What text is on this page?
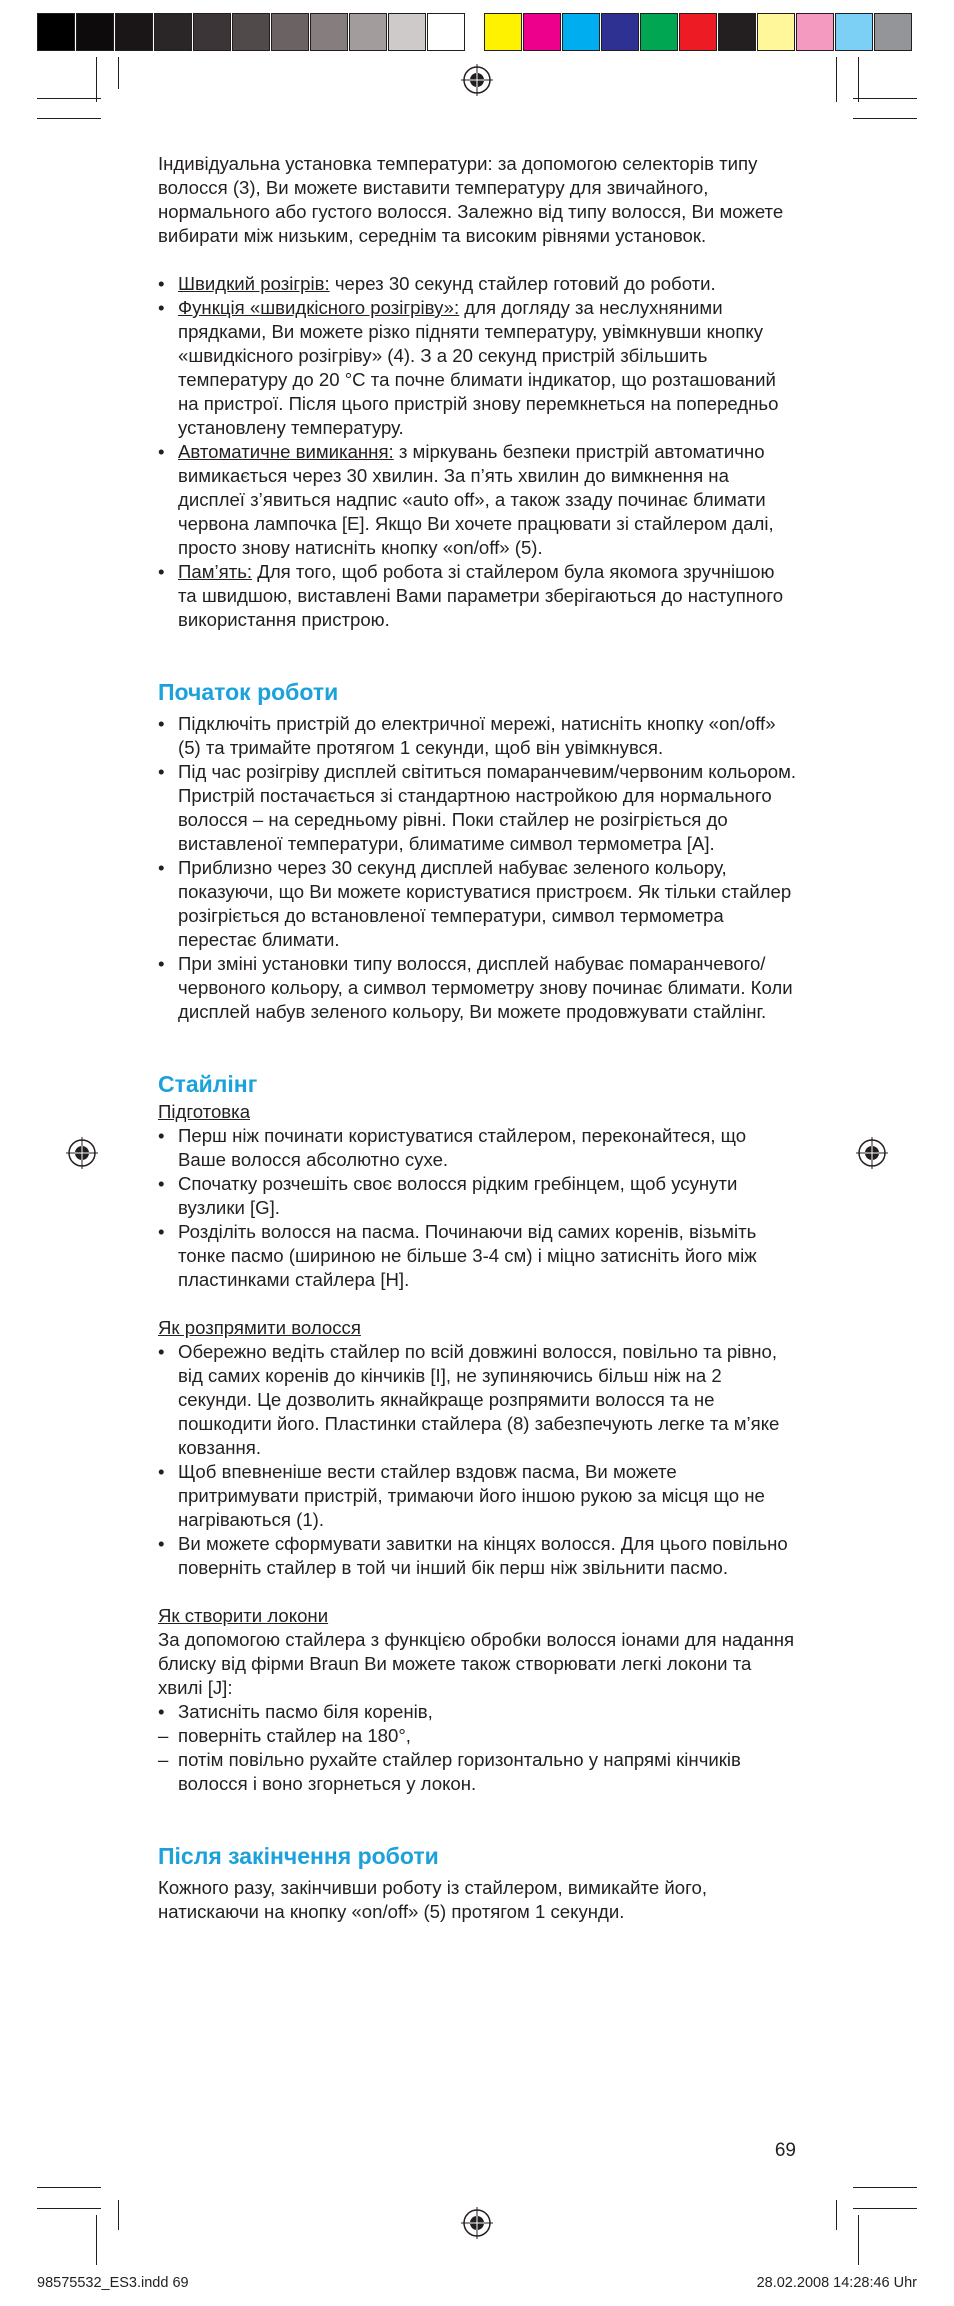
Індивідуальна установка температури: за допомогою селекторів типу волосся (3), Ви можете виставити температуру для звичайного, нормального або густого волосся. Залежно від типу волосся, Ви можете вибирати між низьким, середнім та високим рівнями установок.

• Швидкий розігрів: через 30 секунд стайлер готовий до роботи.
• Функція «швидкісного розігріву»: для догляду за неслухняними прядками, Ви можете різко підняти температуру, увімкнувши кнопку «швидкісного розігріву» (4). З а 20 секунд пристрій збільшить температуру до 20 °C та почне блимати індикатор, що розташований на пристрої. Після цього пристрій знову перемкнеться на попередньо установлену температуру.
• Автоматичне вимикання: з міркувань безпеки пристрій автоматично вимикається через 30 хвилин. За п’ять хвилин до вимкнення на дисплеї з’явиться надпис «auto off», а також ззаду починає блимати червона лампочка [E]. Якщо Ви хочете працювати зі стайлером далі, просто знову натисніть кнопку «on/off» (5).
• Пам’ять: Для того, щоб робота зі стайлером була якомога зручнішою та швидшою, виставлені Вами параметри зберігаються до наступного використання пристрою.
Початок роботи
• Підключіть пристрій до електричної мережі, натисніть кнопку «on/off» (5) та тримайте протягом 1 секунди, щоб він увімкнувся.
• Під час розігріву дисплей світиться помаранчевим/червоним кольором. Пристрій постачається зі стандартною настройкою для нормального волосся – на середньому рівні. Поки стайлер не розігріється до виставленої температури, блиматиме символ термометра [A].
• Приблизно через 30 секунд дисплей набуває зеленого кольору, показуючи, що Ви можете користуватися пристроєм. Як тільки стайлер розігріється до встановленої температури, символ термометра перестає блимати.
• При зміні установки типу волосся, дисплей набуває помаранчевого/червоного кольору, а символ термометру знову починає блимати. Коли дисплей набув зеленого кольору, Ви можете продовжувати стайлінг.
Стайлінг

Підготовка

• Перш ніж починати користуватися стайлером, переконайтеся, що Ваше волосся абсолютно сухе.
• Спочатку розчешіть своє волосся рідким гребінцем, щоб усунути вузлики [G].
• Розділіть волосся на пасма. Починаючи від самих коренів, візьміть тонке пасмо (шириною не більше 3-4 см) і міцно затисніть його між пластинками стайлера [H].

Як розпрямити волосся

• Обережно ведіть стайлер по всій довжині волосся, повільно та рівно, від самих коренів до кінчиків [I], не зупиняючись більш ніж на 2 секунди. Це дозволить якнайкраще розпрямити волосся та не пошкодити його. Пластинки стайлера (8) забезпечують легке та м’яке ковзання.
• Щоб впевненіше вести стайлер вздовж пасма, Ви можете притримувати пристрій, тримаючи його іншою рукою за місця що не нагріваються (1).
• Ви можете сформувати завитки на кінцях волосся. Для цього повільно поверніть стайлер в той чи інший бік перш ніж звільнити пасмо.

Як створити локони

За допомогою стайлера з функцією обробки волосся іонами для надання блиску від фірми Braun Ви можете також створювати легкі локони та хвилі [J]:

• Затисніть пасмо біля коренів,
– поверніть стайлер на 180°,
– потім повільно рухайте стайлер горизонтально у напрямі кінчиків волосся і воно згорнеться у локон.
Після закінчення роботи

Кожного разу, закінчивши роботу із стайлером, вимикайте його, натискаючи на кнопку «on/off» (5) протягом 1 секунди.

69
98575532_ES3.indd 69	28.02.2008 14:28:46 Uhr
